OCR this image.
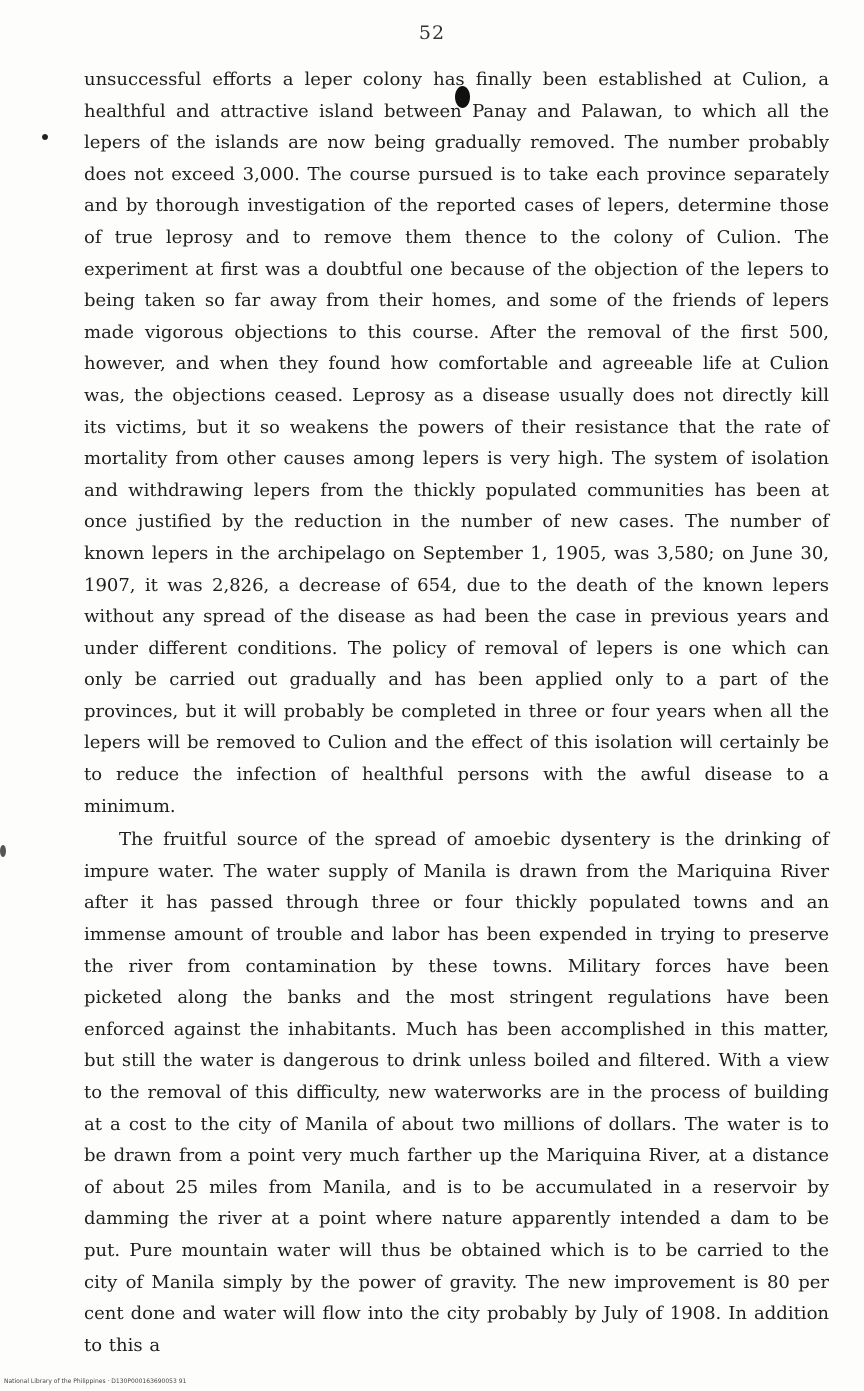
52

unsuccessful efforts a leper colony has finally been established at Culion, a healthful and attractive island between Panay and Palawan, to which all the lepers of the islands are now being gradually removed. The number probably does not exceed 3,000. The course pursued is to take each province separately and by thorough investigation of the reported cases of lepers, determine those of true leprosy and to remove them thence to the colony of Culion. The experiment at first was a doubtful one because of the objection of the lepers to being taken so far away from their homes, and some of the friends of lepers made vigorous objections to this course. After the removal of the first 500, however, and when they found how comfortable and agreeable life at Culion was, the objections ceased. Leprosy as a disease usually does not directly kill its victims, but it so weakens the powers of their resistance that the rate of mortality from other causes among lepers is very high. The system of isolation and withdrawing lepers from the thickly populated communities has been at once justified by the reduction in the number of new cases. The number of known lepers in the archipelago on September 1, 1905, was 3,580; on June 30, 1907, it was 2,826, a decrease of 654, due to the death of the known lepers without any spread of the disease as had been the case in previous years and under different conditions. The policy of removal of lepers is one which can only be carried out gradually and has been applied only to a part of the provinces, but it will probably be completed in three or four years when all the lepers will be removed to Culion and the effect of this isolation will certainly be to reduce the infection of healthful persons with the awful disease to a minimum.

The fruitful source of the spread of amoebic dysentery is the drinking of impure water. The water supply of Manila is drawn from the Mariquina River after it has passed through three or four thickly populated towns and an immense amount of trouble and labor has been expended in trying to preserve the river from contamination by these towns. Military forces have been picketed along the banks and the most stringent regulations have been enforced against the inhabitants. Much has been accomplished in this matter, but still the water is dangerous to drink unless boiled and filtered. With a view to the removal of this difficulty, new waterworks are in the process of building at a cost to the city of Manila of about two millions of dollars. The water is to be drawn from a point very much farther up the Mariquina River, at a distance of about 25 miles from Manila, and is to be accumulated in a reservoir by damming the river at a point where nature apparently intended a dam to be put. Pure mountain water will thus be obtained which is to be carried to the city of Manila simply by the power of gravity. The new improvement is 80 per cent done and water will flow into the city probably by July of 1908. In addition to this a

National Library of the Philippines · D130P000163690053 91
